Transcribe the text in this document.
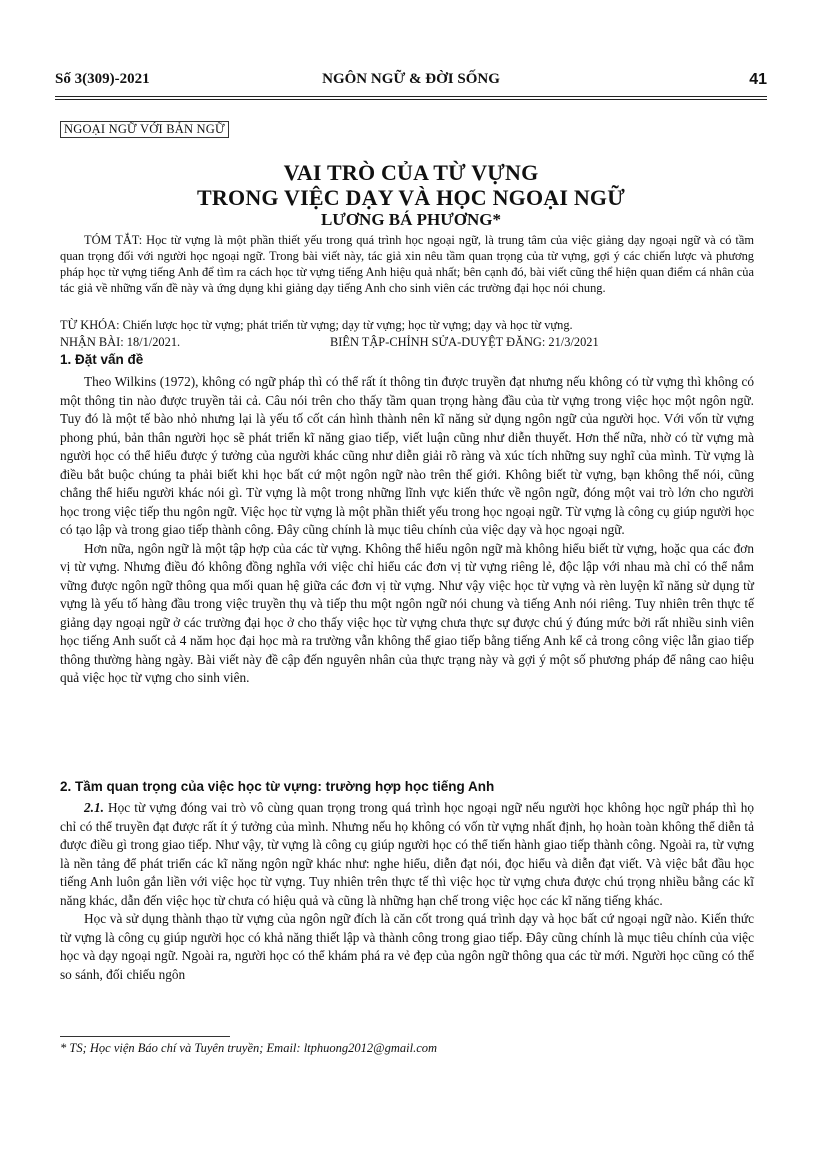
Số 3(309)-2021	NGÔN NGỮ & ĐỜI SỐNG	41
NGOẠI NGỮ VỚI BẢN NGỮ
VAI TRÒ CỦA TỪ VỰNG
TRONG VIỆC DẠY VÀ HỌC NGOẠI NGỮ
LƯƠNG BÁ PHƯƠNG*
TÓM TẮT: Học từ vựng là một phần thiết yếu trong quá trình học ngoại ngữ, là trung tâm của việc giảng dạy ngoại ngữ và có tầm quan trọng đối với người học ngoại ngữ. Trong bài viết này, tác giả xin nêu tầm quan trọng của từ vựng, gợi ý các chiến lược và phương pháp học từ vựng tiếng Anh để tìm ra cách học từ vựng tiếng Anh hiệu quả nhất; bên cạnh đó, bài viết cũng thể hiện quan điểm cá nhân của tác giả về những vấn đề này và ứng dụng khi giảng dạy tiếng Anh cho sinh viên các trường đại học nói chung.
TỪ KHÓA: Chiến lược học từ vựng; phát triển từ vựng; dạy từ vựng; học từ vựng; dạy và học từ vựng.
NHẬN BÀI: 18/1/2021.	BIÊN TẬP-CHỈNH SỬA-DUYỆT ĐĂNG: 21/3/2021
1. Đặt vấn đề

Theo Wilkins (1972), không có ngữ pháp thì có thể rất ít thông tin được truyền đạt nhưng nếu không có từ vựng thì không có một thông tin nào được truyền tải cả. Câu nói trên cho thấy tầm quan trọng hàng đầu của từ vựng trong việc học một ngôn ngữ. Tuy đó là một tế bào nhỏ nhưng lại là yếu tố cốt cán hình thành nên kĩ năng sử dụng ngôn ngữ của người học. Với vốn từ vựng phong phú, bản thân người học sẽ phát triển kĩ năng giao tiếp, viết luận cũng như diễn thuyết. Hơn thế nữa, nhờ có từ vựng mà người học có thể hiểu được ý tưởng của người khác cũng như diễn giải rõ ràng và xúc tích những suy nghĩ của mình. Từ vựng là điều bắt buộc chúng ta phải biết khi học bất cứ một ngôn ngữ nào trên thế giới. Không biết từ vựng, bạn không thể nói, cũng chẳng thể hiểu người khác nói gì. Từ vựng là một trong những lĩnh vực kiến thức về ngôn ngữ, đóng một vai trò lớn cho người học trong việc tiếp thu ngôn ngữ. Việc học từ vựng là một phần thiết yếu trong học ngoại ngữ. Từ vựng là công cụ giúp người học có tạo lập và trong giao tiếp thành công. Đây cũng chính là mục tiêu chính của việc dạy và học ngoại ngữ.

Hơn nữa, ngôn ngữ là một tập hợp của các từ vựng. Không thể hiểu ngôn ngữ mà không hiểu biết từ vựng, hoặc qua các đơn vị từ vựng. Nhưng điều đó không đồng nghĩa với việc chỉ hiểu các đơn vị từ vựng riêng lẻ, độc lập với nhau mà chỉ có thể nắm vững được ngôn ngữ thông qua mối quan hệ giữa các đơn vị từ vựng. Như vậy việc học từ vựng và rèn luyện kĩ năng sử dụng từ vựng là yếu tố hàng đầu trong việc truyền thụ và tiếp thu một ngôn ngữ nói chung và tiếng Anh nói riêng. Tuy nhiên trên thực tế giảng dạy ngoại ngữ ở các trường đại học ở cho thấy việc học từ vựng chưa thực sự được chú ý đúng mức bởi rất nhiều sinh viên học tiếng Anh suốt cả 4 năm học đại học mà ra trường vẫn không thể giao tiếp bằng tiếng Anh kể cả trong công việc lẫn giao tiếp thông thường hàng ngày. Bài viết này đề cập đến nguyên nhân của thực trạng này và gợi ý một số phương pháp để nâng cao hiệu quả việc học từ vựng cho sinh viên.

2. Tầm quan trọng của việc học từ vựng: trường hợp học tiếng Anh

2.1. Học từ vựng đóng vai trò vô cùng quan trọng trong quá trình học ngoại ngữ nếu người học không học ngữ pháp thì họ chỉ có thể truyền đạt được rất ít ý tưởng của mình. Nhưng nếu họ không có vốn từ vựng nhất định, họ hoàn toàn không thể diễn tả được điều gì trong giao tiếp. Như vậy, từ vựng là công cụ giúp người học có thể tiến hành giao tiếp thành công. Ngoài ra, từ vựng là nền tảng để phát triển các kĩ năng ngôn ngữ khác như: nghe hiểu, diễn đạt nói, đọc hiểu và diễn đạt viết. Và việc bắt đầu học tiếng Anh luôn gắn liền với việc học từ vựng. Tuy nhiên trên thực tế thì việc học từ vựng chưa được chú trọng nhiều bằng các kĩ năng khác, dẫn đến việc học từ chưa có hiệu quả và cũng là những hạn chế trong việc học các kĩ năng tiếng khác.

Học và sử dụng thành thạo từ vựng của ngôn ngữ đích là căn cốt trong quá trình dạy và học bất cứ ngoại ngữ nào. Kiến thức từ vựng là công cụ giúp người học có khả năng thiết lập và thành công trong giao tiếp. Đây cũng chính là mục tiêu chính của việc học và dạy ngoại ngữ. Ngoài ra, người học có thể khám phá ra vẻ đẹp của ngôn ngữ thông qua các từ mới. Người học cũng có thể so sánh, đối chiếu ngôn

* TS; Học viện Báo chí và Tuyên truyền; Email: ltphuong2012@gmail.com
